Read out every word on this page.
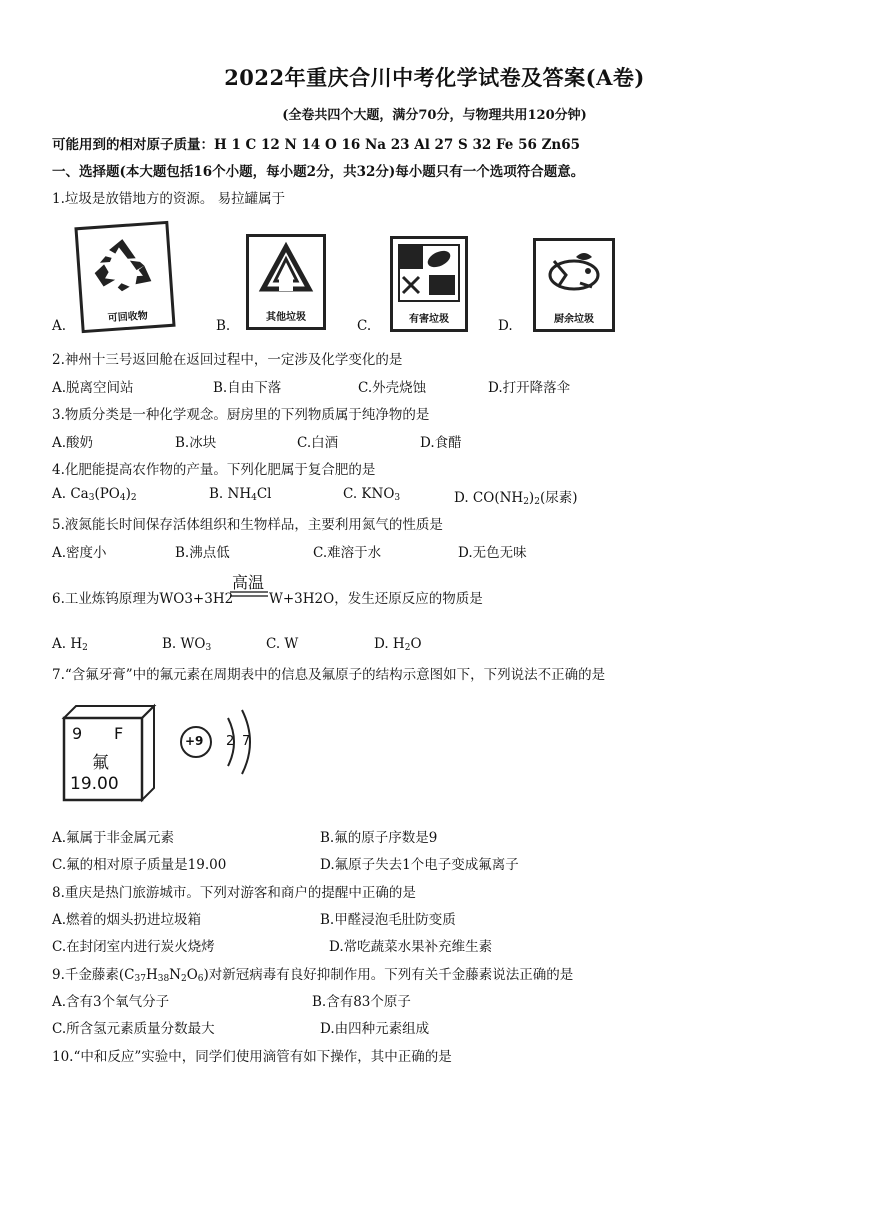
2022年重庆合川中考化学试卷及答案(A卷)
(全卷共四个大题，满分70分，与物理共用120分钟)
可能用到的相对原子质量：H 1 C 12 N 14 O 16 Na 23 Al 27 S 32 Fe 56 Zn65
一、选择题(本大题包括16个小题，每小题2分，共32分)每小题只有一个选项符合题意。
1.垃圾是放错地方的资源。 易拉罐属于
A.
可回收物
B.
其他垃圾
C.	有害垃圾	D.	厨余垃圾
2.神州十三号返回舱在返回过程中，一定涉及化学变化的是
A.脱离空间站	B.自由下落	C.外壳烧蚀	D.打开降落伞
3.物质分类是一种化学观念。厨房里的下列物质属于纯净物的是
A.酸奶	B.冰块	C.白酒	D.食醋
4.化肥能提高农作物的产量。下列化肥属于复合肥的是
A. $Ca_3(PO_4)_2$	B. $NH_4Cl$	C. $KNO_3$	D. $CO(NH_2)_2$(尿素)
5.液氮能长时间保存活体组织和生物样品，主要利用氮气的性质是
A.密度小	B.沸点低	C.难溶于水	D.无色无味
6.工业炼钨原理为WO3+3H2
高温
W+3H2O，发生还原反应的物质是
A. $H_2$	B. $WO_3$	C. W	D. $H_2O$
7.“含氟牙膏”中的氟元素在周期表中的信息及氟原子的结构示意图如下，下列说法不正确的是
9 F
氟
19.00
+9 2 7
A.氟属于非金属元素	B.氟的原子序数是9
C.氟的相对原子质量是19.00	D.氟原子失去1个电子变成氟离子
8.重庆是热门旅游城市。下列对游客和商户的提醒中正确的是
A.燃着的烟头扔进垃圾箱	B.甲醛浸泡毛肚防变质
C.在封闭室内进行炭火烧烤	D.常吃蔬菜水果补充维生素
9.千金藤素$(C_{37}H_{38}N_2O_6)$对新冠病毒有良好抑制作用。下列有关千金藤素说法正确的是
A.含有3个氧气分子	B.含有83个原子
C.所含氢元素质量分数最大	D.由四种元素组成
10.“中和反应”实验中，同学们使用滴管有如下操作，其中正确的是
